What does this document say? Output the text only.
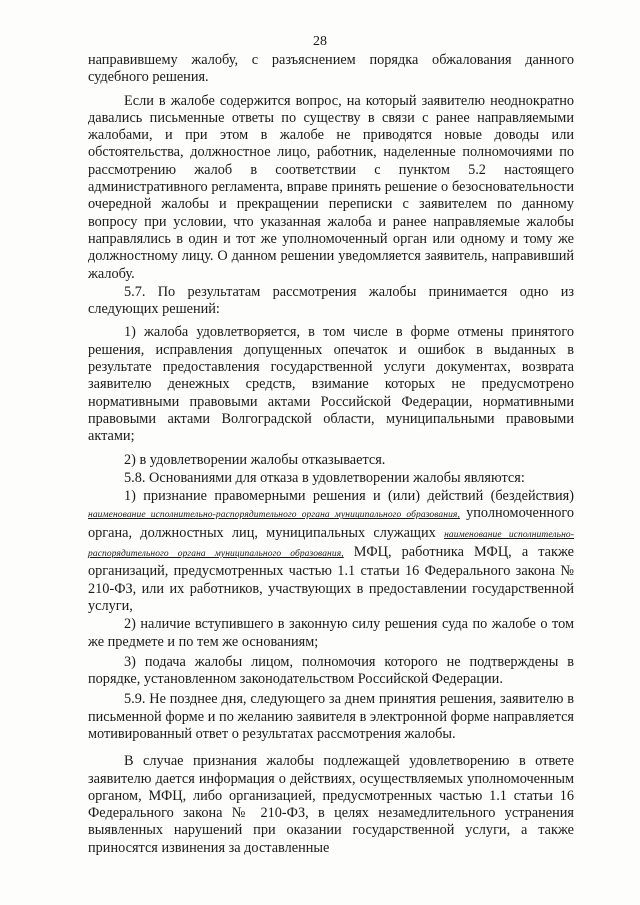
28

направившему жалобу, с разъяснением порядка обжалования данного судебного решения.

Если в жалобе содержится вопрос, на который заявителю неоднократно давались письменные ответы по существу в связи с ранее направляемыми жалобами, и при этом в жалобе не приводятся новые доводы или обстоятельства, должностное лицо, работник, наделенные полномочиями по рассмотрению жалоб в соответствии с пунктом 5.2 настоящего административного регламента, вправе принять решение о безосновательности очередной жалобы и прекращении переписки с заявителем по данному вопросу при условии, что указанная жалоба и ранее направляемые жалобы направлялись в один и тот же уполномоченный орган или одному и тому же должностному лицу. О данном решении уведомляется заявитель, направивший жалобу.

5.7. По результатам рассмотрения жалобы принимается одно из следующих решений:

1) жалоба удовлетворяется, в том числе в форме отмены принятого решения, исправления допущенных опечаток и ошибок в выданных в результате предоставления государственной услуги документах, возврата заявителю денежных средств, взимание которых не предусмотрено нормативными правовыми актами Российской Федерации, нормативными правовыми актами Волгоградской области, муниципальными правовыми актами;

2) в удовлетворении жалобы отказывается.

5.8. Основаниями для отказа в удовлетворении жалобы являются:

1) признание правомерными решения и (или) действий (бездействия) наименование исполнительно-распорядительного органа муниципального образования, уполномоченного органа, должностных лиц, муниципальных служащих наименование исполнительно-распорядительного органа муниципального образования, МФЦ, работника МФЦ, а также организаций, предусмотренных частью 1.1 статьи 16 Федерального закона № 210-ФЗ, или их работников, участвующих в предоставлении государственной услуги,

2) наличие вступившего в законную силу решения суда по жалобе о том же предмете и по тем же основаниям;

3) подача жалобы лицом, полномочия которого не подтверждены в порядке, установленном законодательством Российской Федерации.

5.9. Не позднее дня, следующего за днем принятия решения, заявителю в письменной форме и по желанию заявителя в электронной форме направляется мотивированный ответ о результатах рассмотрения жалобы.

В случае признания жалобы подлежащей удовлетворению в ответе заявителю дается информация о действиях, осуществляемых уполномоченным органом, МФЦ, либо организацией, предусмотренных частью 1.1 статьи 16 Федерального закона № 210-ФЗ, в целях незамедлительного устранения выявленных нарушений при оказании государственной услуги, а также приносятся извинения за доставленные
